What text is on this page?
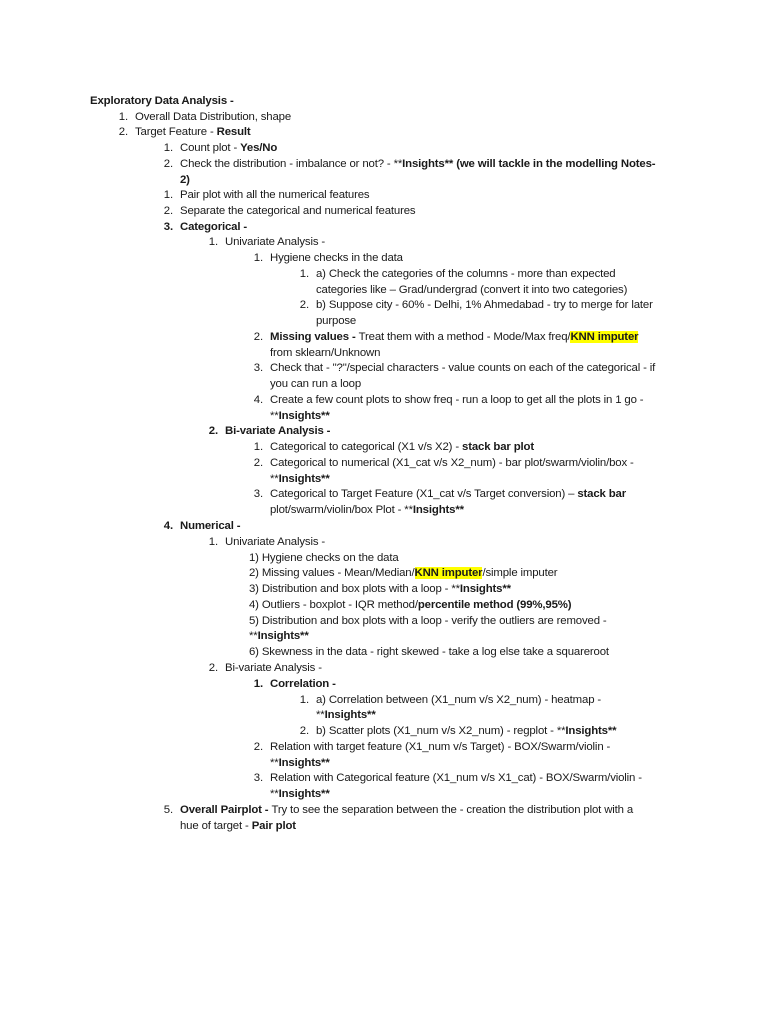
Exploratory Data Analysis -
1. Overall Data Distribution, shape
2. Target Feature - Result
1. Count plot - Yes/No
2. Check the distribution - imbalance or not? - **Insights** (we will tackle in the modelling Notes-
2)
1. Pair plot with all the numerical features
2. Separate the categorical and numerical features
3. Categorical -
1. Univariate Analysis -
1. Hygiene checks in the data
1. a) Check the categories of the columns - more than expected
categories like – Grad/undergrad (convert it into two categories)
2. b) Suppose city - 60% - Delhi, 1% Ahmedabad - try to merge for later
purpose
2. Missing values - Treat them with a method - Mode/Max freq/KNN imputer
from sklearn/Unknown
3. Check that - "?"/special characters - value counts on each of the categorical - if
you can run a loop
4. Create a few count plots to show freq - run a loop to get all the plots in 1 go -
**Insights**
2. Bi-variate Analysis -
1. Categorical to categorical (X1 v/s X2) - stack bar plot
2. Categorical to numerical (X1_cat v/s X2_num) - bar plot/swarm/violin/box -
**Insights**
3. Categorical to Target Feature (X1_cat v/s Target conversion) – stack bar
plot/swarm/violin/box Plot - **Insights**
4. Numerical -
1. Univariate Analysis -
1) Hygiene checks on the data
2) Missing values - Mean/Median/KNN imputer/simple imputer
3) Distribution and box plots with a loop - **Insights**
4) Outliers - boxplot - IQR method/percentile method (99%,95%)
5) Distribution and box plots with a loop - verify the outliers are removed -
**Insights**
6) Skewness in the data - right skewed - take a log else take a squareroot
2. Bi-variate Analysis -
1. Correlation -
1. a) Correlation between (X1_num v/s X2_num) - heatmap -
**Insights**
2. b) Scatter plots (X1_num v/s X2_num) - regplot - **Insights**
2. Relation with target feature (X1_num v/s Target) - BOX/Swarm/violin -
**Insights**
3. Relation with Categorical feature (X1_num v/s X1_cat) - BOX/Swarm/violin -
**Insights**
5. Overall Pairplot - Try to see the separation between the - creation the distribution plot with a
hue of target - Pair plot
